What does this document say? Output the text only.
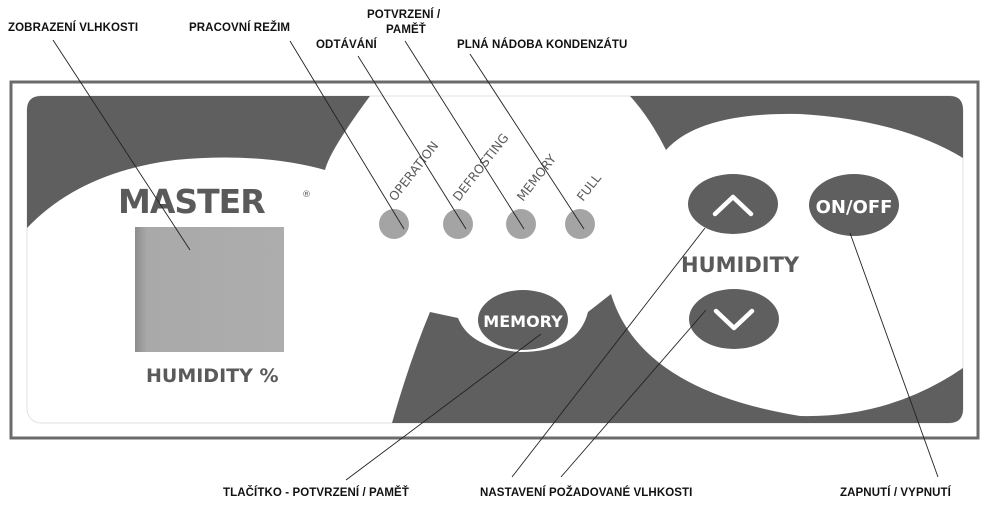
MASTER	®
HUMIDITY %
OPERATION DEFROSTING MEMORY FULL
HUMIDITY
ON/OFF
MEMORY
ZOBRAZENÍ VLHKOSTI	PRACOVNÍ REŽIM
ODTÁVÁNÍ
POTVRZENÍ /
PAMĚŤ
PLNÁ NÁDOBA KONDENZÁTU
TLAČÍTKO - POTVRZENÍ / PAMĚŤ	NASTAVENÍ POŽADOVANÉ VLHKOSTI	ZAPNUTÍ / VYPNUTÍ
